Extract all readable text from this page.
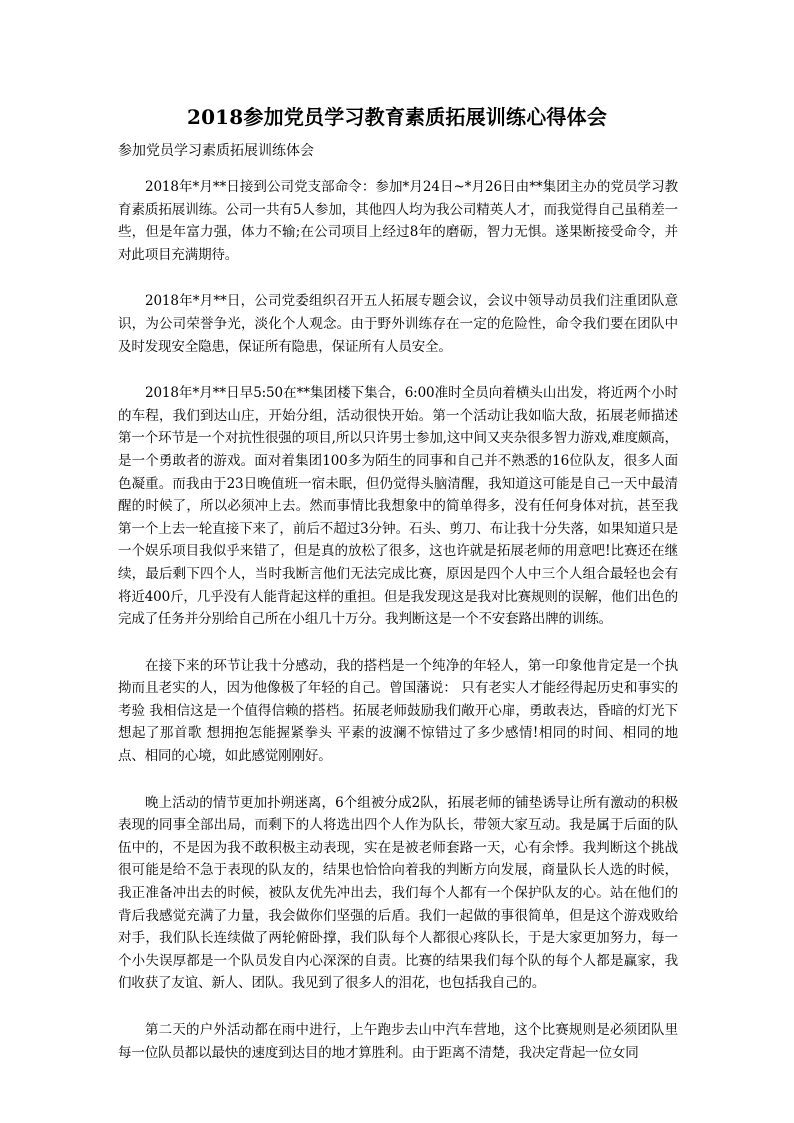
2018参加党员学习教育素质拓展训练心得体会
参加党员学习素质拓展训练体会

2018年*月**日接到公司党支部命令：参加*月24日~*月26日由**集团主办的党员学习教育素质拓展训练。公司一共有5人参加，其他四人均为我公司精英人才，而我觉得自己虽稍差一些，但是年富力强，体力不输;在公司项目上经过8年的磨砺，智力无惧。遂果断接受命令，并对此项目充满期待。

2018年*月**日，公司党委组织召开五人拓展专题会议，会议中领导动员我们注重团队意识，为公司荣誉争光，淡化个人观念。由于野外训练存在一定的危险性，命令我们要在团队中及时发现安全隐患，保证所有隐患，保证所有人员安全。

2018年*月**日早5:50在**集团楼下集合，6:00准时全员向着横头山出发，将近两个小时的车程，我们到达山庄，开始分组，活动很快开始。第一个活动让我如临大敌，拓展老师描述第一个环节是一个对抗性很强的项目,所以只许男士参加,这中间又夹杂很多智力游戏,难度颇高，是一个勇敢者的游戏。面对着集团100多为陌生的同事和自己并不熟悉的16位队友，很多人面色凝重。而我由于23日晚值班一宿未眠，但仍觉得头脑清醒，我知道这可能是自己一天中最清醒的时候了，所以必须冲上去。然而事情比我想象中的简单得多，没有任何身体对抗，甚至我第一个上去一轮直接下来了，前后不超过3分钟。石头、剪刀、布让我十分失落，如果知道只是一个娱乐项目我似乎来错了，但是真的放松了很多，这也许就是拓展老师的用意吧!比赛还在继续，最后剩下四个人，当时我断言他们无法完成比赛，原因是四个人中三个人组合最轻也会有将近400斤，几乎没有人能背起这样的重担。但是我发现这是我对比赛规则的误解，他们出色的完成了任务并分别给自己所在小组几十万分。我判断这是一个不安套路出牌的训练。

在接下来的环节让我十分感动，我的搭档是一个纯净的年轻人，第一印象他肯定是一个执拗而且老实的人，因为他像极了年轻的自己。曾国藩说： 只有老实人才能经得起历史和事实的考验 我相信这是一个值得信赖的搭档。拓展老师鼓励我们敞开心扉，勇敢表达，昏暗的灯光下想起了那首歌 想拥抱怎能握紧拳头 平素的波澜不惊错过了多少感情!相同的时间、相同的地点、相同的心境，如此感觉刚刚好。

晚上活动的情节更加扑朔迷离，6个组被分成2队，拓展老师的铺垫诱导让所有激动的积极表现的同事全部出局，而剩下的人将选出四个人作为队长，带领大家互动。我是属于后面的队伍中的，不是因为我不敢积极主动表现，实在是被老师套路一天，心有余悸。我判断这个挑战很可能是给不急于表现的队友的，结果也恰恰向着我的判断方向发展，商量队长人选的时候，我正准备冲出去的时候，被队友优先冲出去，我们每个人都有一个保护队友的心。站在他们的背后我感觉充满了力量，我会做你们坚强的后盾。我们一起做的事很简单，但是这个游戏败给对手，我们队长连续做了两轮俯卧撑，我们队每个人都很心疼队长，于是大家更加努力，每一个小失误厚都是一个队员发自内心深深的自责。比赛的结果我们每个队的每个人都是赢家，我们收获了友谊、新人、团队。我见到了很多人的泪花，也包括我自己的。

第二天的户外活动都在雨中进行，上午跑步去山中汽车营地，这个比赛规则是必须团队里每一位队员都以最快的速度到达目的地才算胜利。由于距离不清楚，我决定背起一位女同
